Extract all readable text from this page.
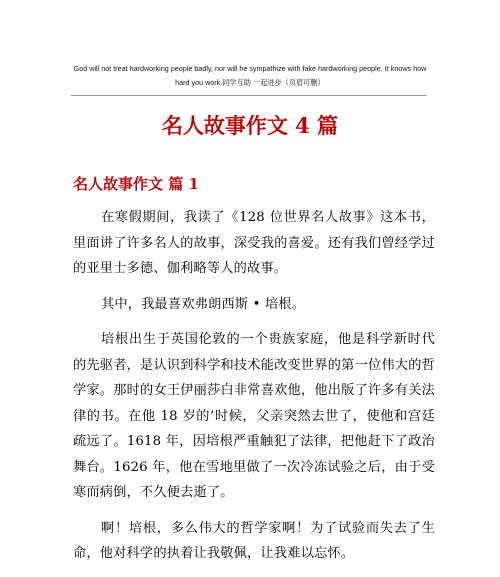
God will not treat hardworking people badly, nor will he sympathize with fake hardworking people. It knows how
hard you work.同学互助 一起进步（页眉可删）
名人故事作文 4 篇
名人故事作文 篇 1

在寒假期间，我读了《128 位世界名人故事》这本书，里面讲了许多名人的故事，深受我的喜爱。还有我们曾经学过的亚里士多德、伽利略等人的故事。

其中，我最喜欢弗朗西斯 • 培根。

培根出生于英国伦敦的一个贵族家庭，他是科学新时代的先驱者，是认识到科学和技术能改变世界的第一位伟大的哲学家。那时的女王伊丽莎白非常喜欢他，他出版了许多有关法律的书。在他 18 岁的’时候，父亲突然去世了，使他和宫廷疏远了。1618 年，因培根严重触犯了法律，把他赶下了政治舞台。1626 年，他在雪地里做了一次冷冻试验之后，由于受寒而病倒，不久便去逝了。

啊！培根，多么伟大的哲学家啊！为了试验而失去了生命，他对科学的执着让我敬佩，让我难以忘怀。
